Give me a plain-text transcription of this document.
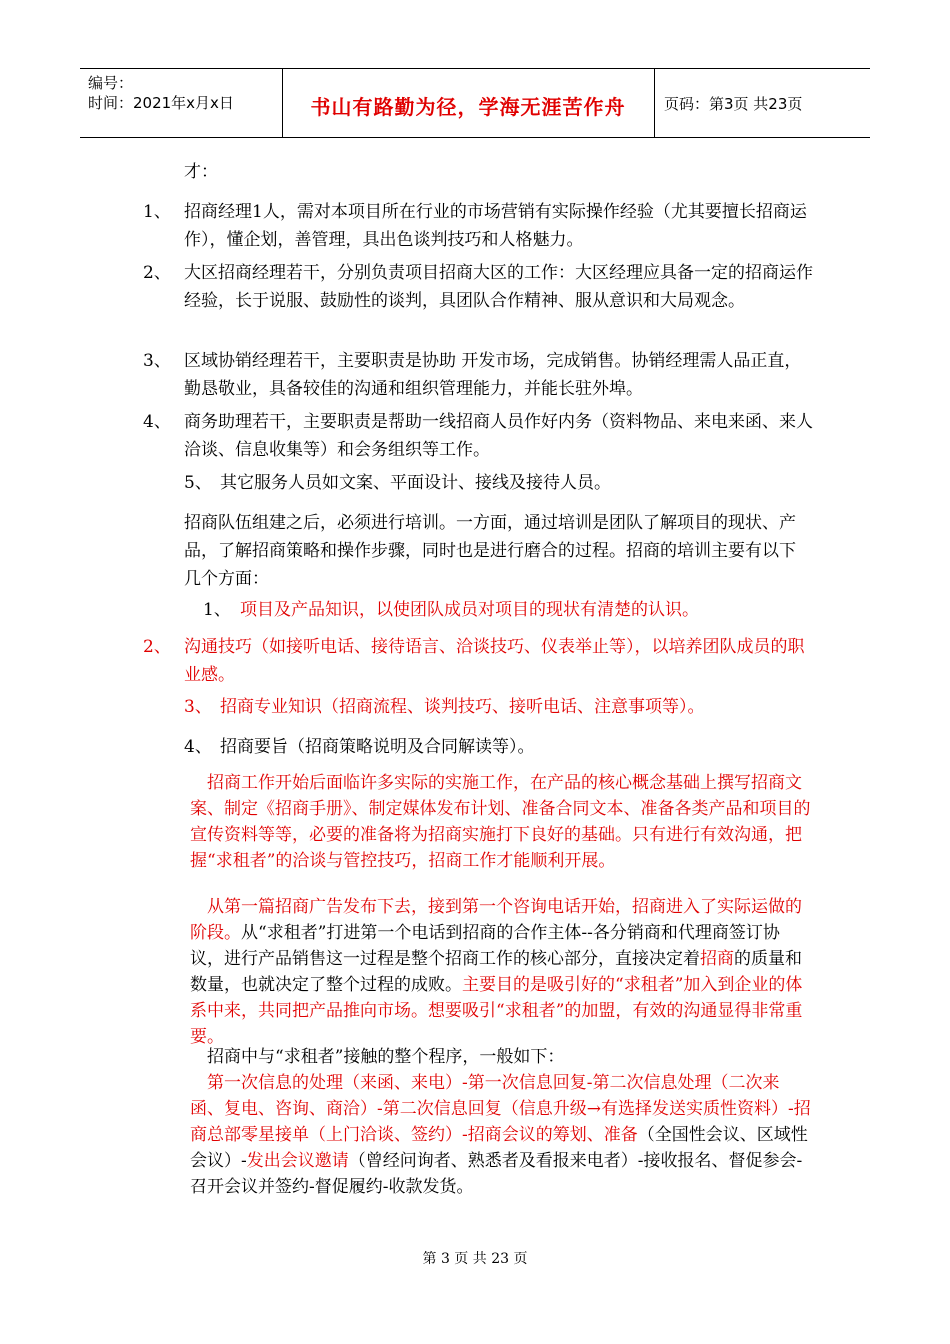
编号：
时间：2021年x月x日	书山有路勤为径，学海无涯苦作舟	页码：第3页 共23页
才：
1、 招商经理1人，需对本项目所在行业的市场营销有实际操作经验（尤其要擅长招商运作），懂企划，善管理，具出色谈判技巧和人格魅力。

2、 大区招商经理若干，分别负责项目招商大区的工作：大区经理应具备一定的招商运作经验，长于说服、鼓励性的谈判，具团队合作精神、服从意识和大局观念。

3、 区域协销经理若干，主要职责是协助 开发市场，完成销售。协销经理需人品正直，勤恳敬业，具备较佳的沟通和组织管理能力，并能长驻外埠。

4、 商务助理若干，主要职责是帮助一线招商人员作好内务（资料物品、来电来函、来人洽谈、信息收集等）和会务组织等工作。

5、 其它服务人员如文案、平面设计、接线及接待人员。

招商队伍组建之后，必须进行培训。一方面，通过培训是团队了解项目的现状、产品，了解招商策略和操作步骤，同时也是进行磨合的过程。招商的培训主要有以下几个方面：

1、 项目及产品知识，以使团队成员对项目的现状有清楚的认识。

2、 沟通技巧（如接听电话、接待语言、洽谈技巧、仪表举止等），以培养团队成员的职业感。

3、 招商专业知识（招商流程、谈判技巧、接听电话、注意事项等）。

4、 招商要旨（招商策略说明及合同解读等）。

招商工作开始后面临许多实际的实施工作，在产品的核心概念基础上撰写招商文案、制定《招商手册》、制定媒体发布计划、准备合同文本、准备各类产品和项目的宣传资料等等，必要的准备将为招商实施打下良好的基础。只有进行有效沟通，把握“求租者”的洽谈与管控技巧，招商工作才能顺利开展。

从第一篇招商广告发布下去，接到第一个咨询电话开始，招商进入了实际运做的阶段。从“求租者”打进第一个电话到招商的合作主体--各分销商和代理商签订协议，进行产品销售这一过程是整个招商工作的核心部分，直接决定着招商的质量和数量，也就决定了整个过程的成败。主要目的是吸引好的“求租者”加入到企业的体系中来，共同把产品推向市场。想要吸引“求租者”的加盟，有效的沟通显得非常重要。

招商中与“求租者”接触的整个程序，一般如下：

第一次信息的处理（来函、来电）-第一次信息回复-第二次信息处理（二次来函、复电、咨询、商洽）-第二次信息回复（信息升级→有选择发送实质性资料）-招商总部零星接单（上门洽谈、签约）-招商会议的筹划、准备（全国性会议、区域性会议）-发出会议邀请（曾经问询者、熟悉者及看报来电者）-接收报名、督促参会-召开会议并签约-督促履约-收款发货。

第 3 页 共 23 页
